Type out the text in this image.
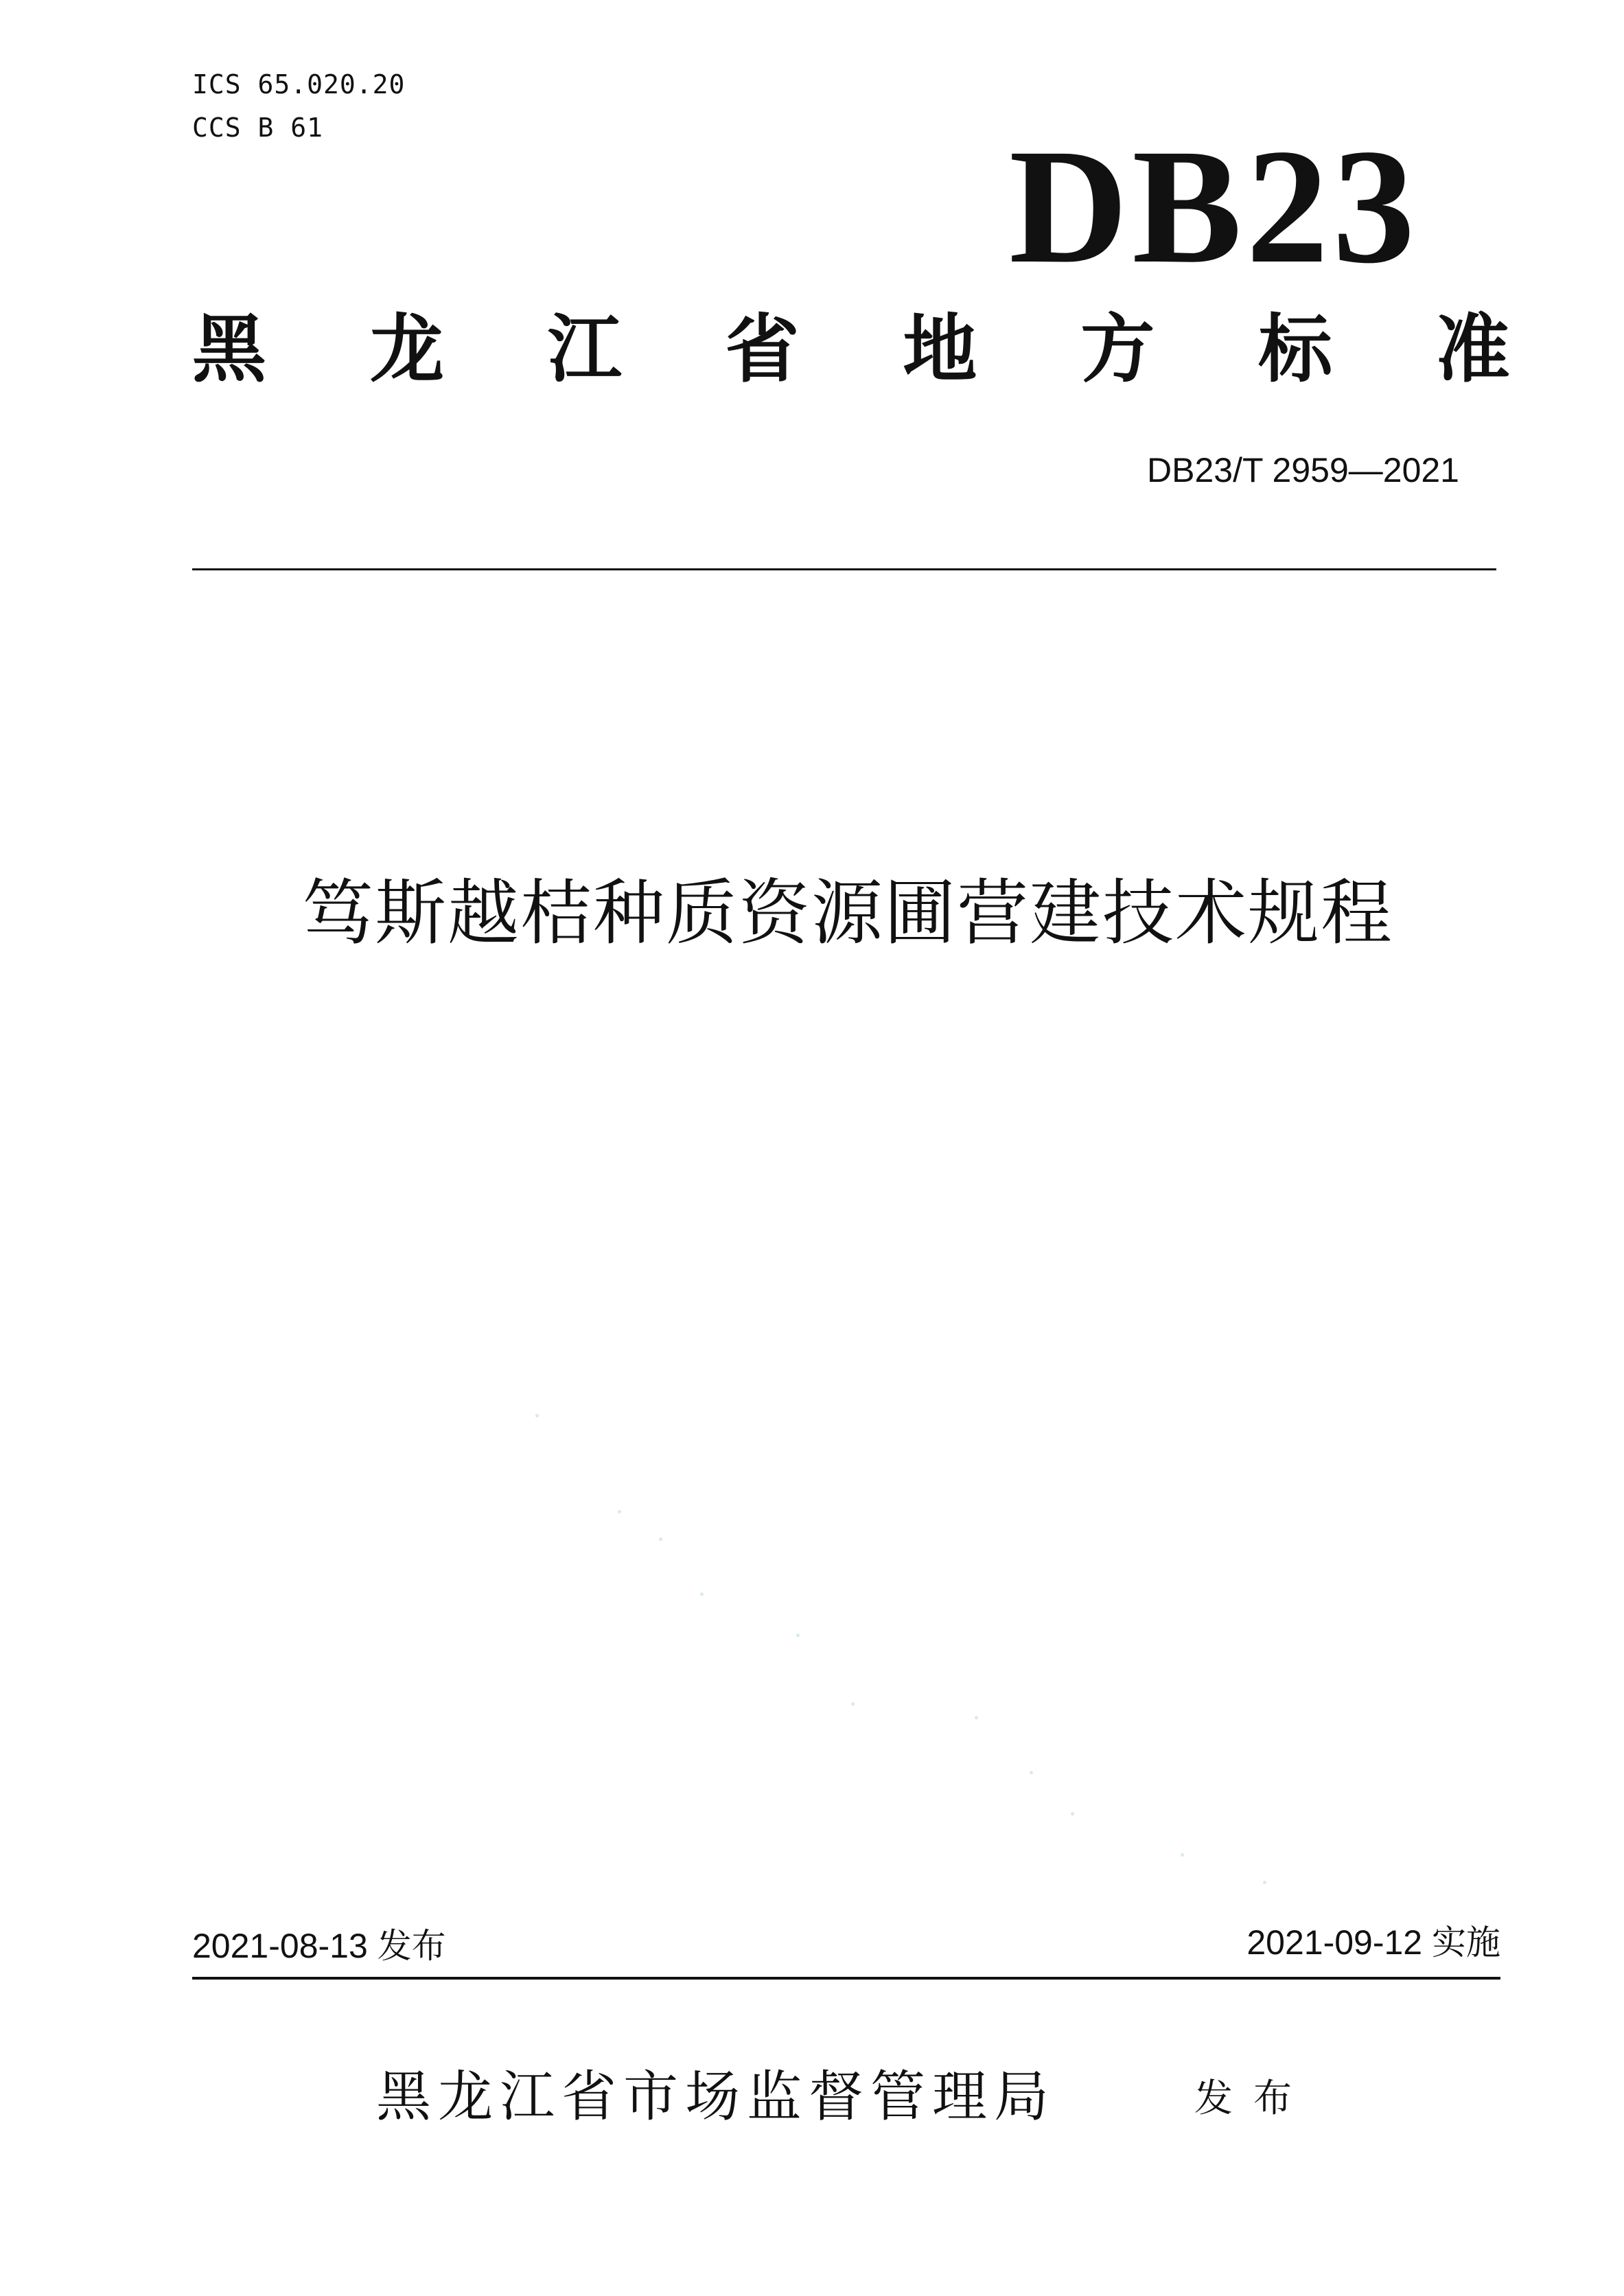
ICS 65.020.20
CCS B 61	DB23
黑 龙 江 省 地 方 标 准
DB23/T 2959—2021
笃斯越桔种质资源圃营建技术规程
2021-08-13 发布	2021-09-12 实施
黑龙江省市场监督管理局	发布
